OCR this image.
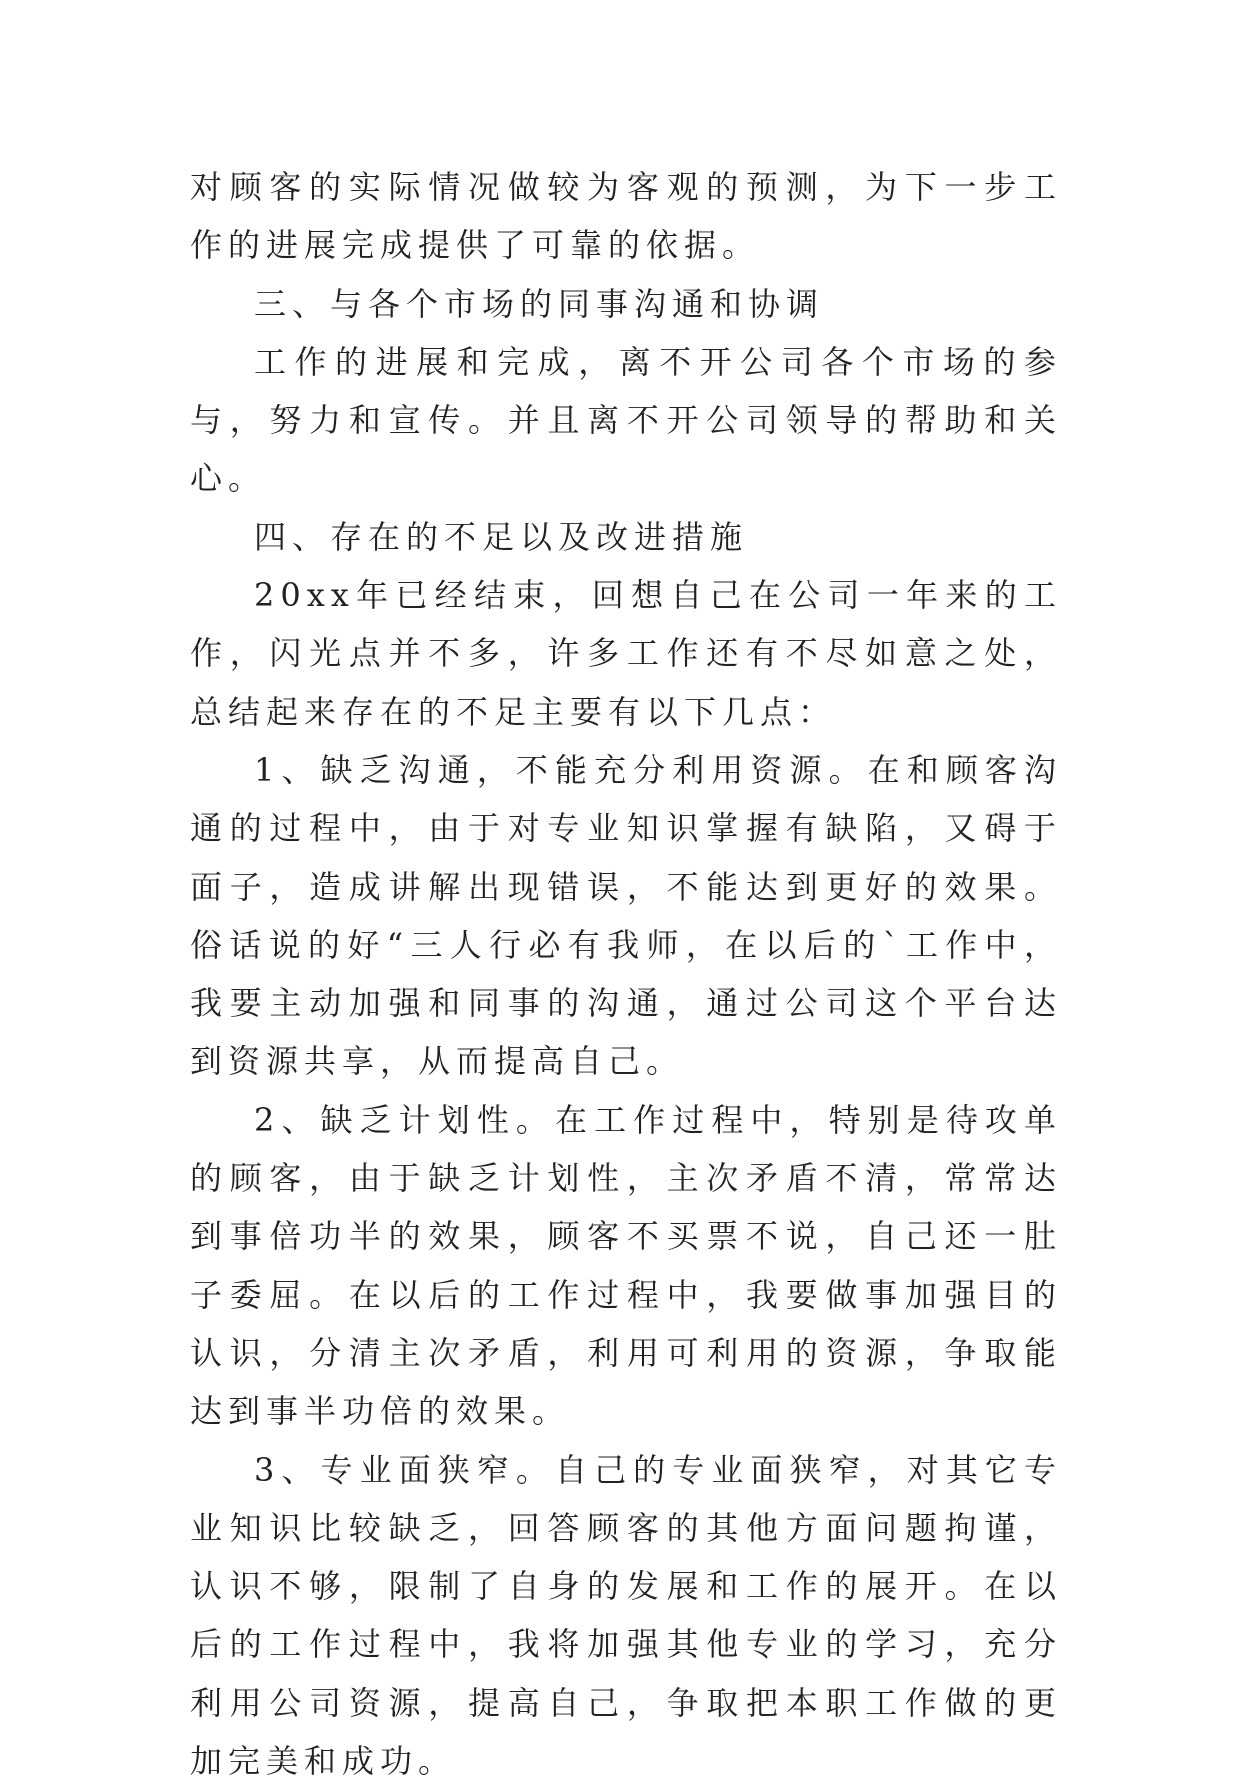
对顾客的实际情况做较为客观的预测，为下一步工作的进展完成提供了可靠的依据。

三、与各个市场的同事沟通和协调

工作的进展和完成，离不开公司各个市场的参与，努力和宣传。并且离不开公司领导的帮助和关心。

四、存在的不足以及改进措施

20xx年已经结束，回想自己在公司一年来的工作，闪光点并不多，许多工作还有不尽如意之处，总结起来存在的不足主要有以下几点：

1、缺乏沟通，不能充分利用资源。在和顾客沟通的过程中，由于对专业知识掌握有缺陷，又碍于面子，造成讲解出现错误，不能达到更好的效果。俗话说的好“三人行必有我师，在以后的`工作中，我要主动加强和同事的沟通，通过公司这个平台达到资源共享，从而提高自己。

2、缺乏计划性。在工作过程中，特别是待攻单的顾客，由于缺乏计划性，主次矛盾不清，常常达到事倍功半的效果，顾客不买票不说，自己还一肚子委屈。在以后的工作过程中，我要做事加强目的认识，分清主次矛盾，利用可利用的资源，争取能达到事半功倍的效果。

3、专业面狭窄。自己的专业面狭窄，对其它专业知识比较缺乏，回答顾客的其他方面问题拘谨，认识不够，限制了自身的发展和工作的展开。在以后的工作过程中，我将加强其他专业的学习，充分利用公司资源，提高自己，争取把本职工作做的更加完美和成功。
